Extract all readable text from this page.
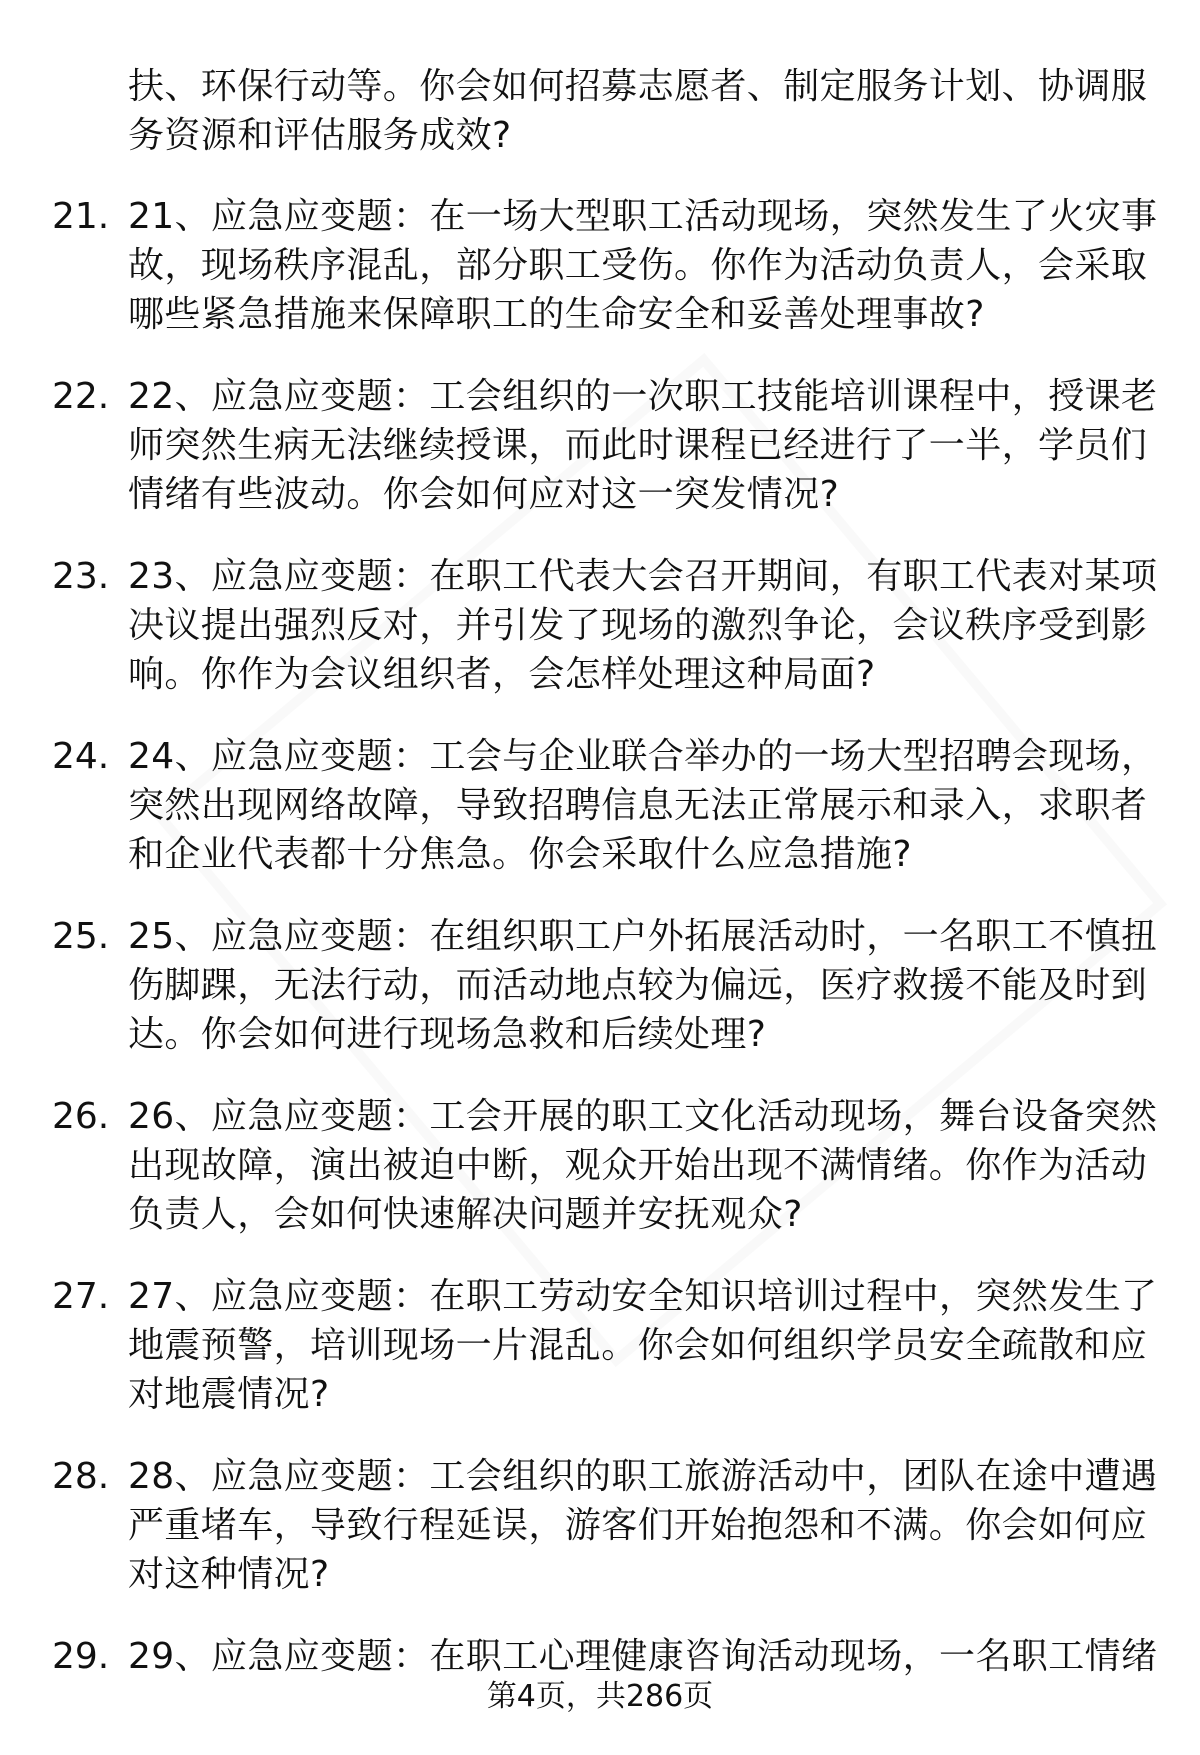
扶、环保行动等。你会如何招募志愿者、制定服务计划、协调服
务资源和评估服务成效?
21. 21、应急应变题：在一场大型职工活动现场，突然发生了火灾事
故，现场秩序混乱，部分职工受伤。你作为活动负责人，会采取
哪些紧急措施来保障职工的生命安全和妥善处理事故?
22. 22、应急应变题：工会组织的一次职工技能培训课程中，授课老
师突然生病无法继续授课，而此时课程已经进行了一半，学员们
情绪有些波动。你会如何应对这一突发情况?
23. 23、应急应变题：在职工代表大会召开期间，有职工代表对某项
决议提出强烈反对，并引发了现场的激烈争论，会议秩序受到影
响。你作为会议组织者，会怎样处理这种局面?
24. 24、应急应变题：工会与企业联合举办的一场大型招聘会现场，
突然出现网络故障，导致招聘信息无法正常展示和录入，求职者
和企业代表都十分焦急。你会采取什么应急措施?
25. 25、应急应变题：在组织职工户外拓展活动时，一名职工不慎扭
伤脚踝，无法行动，而活动地点较为偏远，医疗救援不能及时到
达。你会如何进行现场急救和后续处理?
26. 26、应急应变题：工会开展的职工文化活动现场，舞台设备突然
出现故障，演出被迫中断，观众开始出现不满情绪。你作为活动
负责人，会如何快速解决问题并安抚观众?
27. 27、应急应变题：在职工劳动安全知识培训过程中，突然发生了
地震预警，培训现场一片混乱。你会如何组织学员安全疏散和应
对地震情况?
28. 28、应急应变题：工会组织的职工旅游活动中，团队在途中遭遇
严重堵车，导致行程延误，游客们开始抱怨和不满。你会如何应
对这种情况?
29. 29、应急应变题：在职工心理健康咨询活动现场，一名职工情绪
第4页，共286页
